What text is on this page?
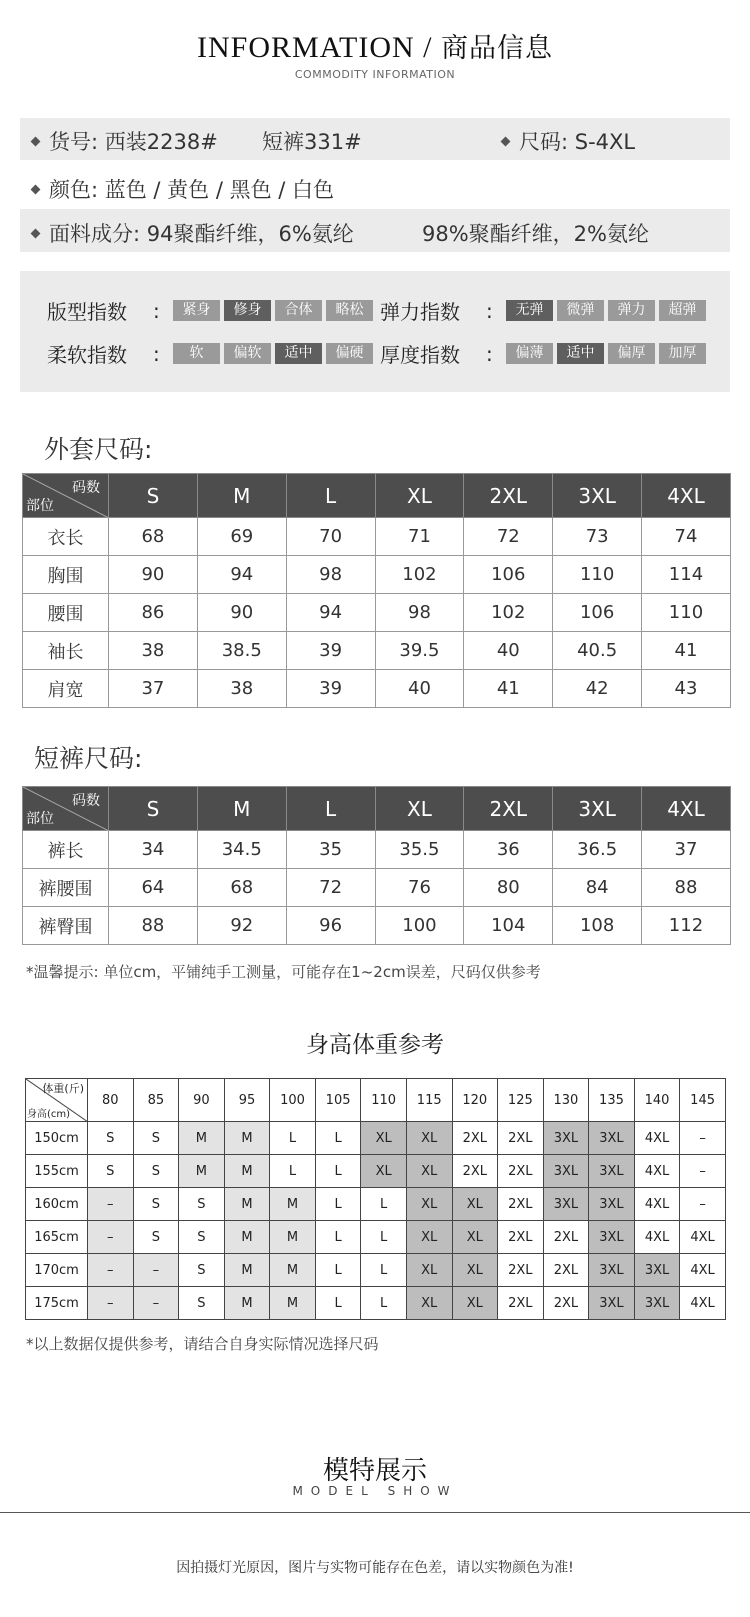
INFORMATION / 商品信息
COMMODITY INFORMATION
货号: 西装2238# 短裤331#	尺码: S-4XL
颜色: 蓝色 / 黄色 / 黑色 / 白色
面料成分: 94聚酯纤维，6%氨纶	98%聚酯纤维，2%氨纶
版型指数	:	紧身	修身	合体	略松 弹力指数	:	无弹	微弹	弹力	超弹
柔软指数	:	软	偏软	适中	偏硬 厚度指数	:	偏薄	适中	偏厚	加厚
外套尺码:
码数
部位	S	M	L	XL	2XL	3XL	4XL
衣长	68	69	70	71	72	73	74
胸围	90	94	98	102	106	110	114
腰围	86	90	94	98	102	106	110
袖长	38	38.5	39	39.5	40	40.5	41
肩宽	37	38	39	40	41	42	43
短裤尺码:
码数
部位	S	M	L	XL	2XL	3XL	4XL
裤长	34	34.5	35	35.5	36	36.5	37
裤腰围	64	68	72	76	80	84	88
裤臀围	88	92	96	100	104	108	112
*温馨提示: 单位cm，平铺纯手工测量，可能存在1~2cm误差，尺码仅供参考
身高体重参考
体重(斤)
身高(cm)	80	85	90	95	100	105	110	115	120	125	130	135	140	145
150cm	S	S	M	M	L	L	XL	XL	2XL	2XL	3XL	3XL	4XL	–
155cm	S	S	M	M	L	L	XL	XL	2XL	2XL	3XL	3XL	4XL	–
160cm	–	S	S	M	M	L	L	XL	XL	2XL	3XL	3XL	4XL	–
165cm	–	S	S	M	M	L	L	XL	XL	2XL	2XL	3XL	4XL	4XL
170cm	–	–	S	M	M	L	L	XL	XL	2XL	2XL	3XL	3XL	4XL
175cm	–	–	S	M	M	L	L	XL	XL	2XL	2XL	3XL	3XL	4XL
*以上数据仅提供参考，请结合自身实际情况选择尺码
模特展示
MODEL SHOW
因拍摄灯光原因，图片与实物可能存在色差，请以实物颜色为准!
